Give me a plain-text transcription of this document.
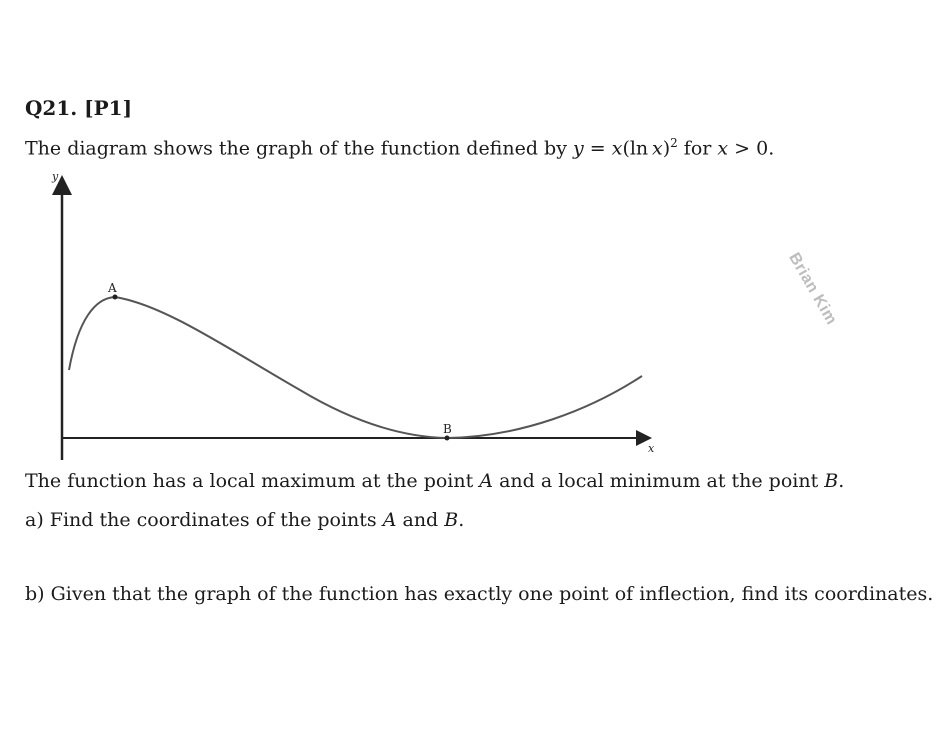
Q21. [P1]
The diagram shows the graph of the function defined by y = x(ln  x)$^2$ for x > 0.
y
x
A
B
Brian Kim
The function has a local maximum at the point A and a local minimum at the point B.
a) Find the coordinates of the points A and B.
b) Given that the graph of the function has exactly one point of inflection, find its coordinates.
